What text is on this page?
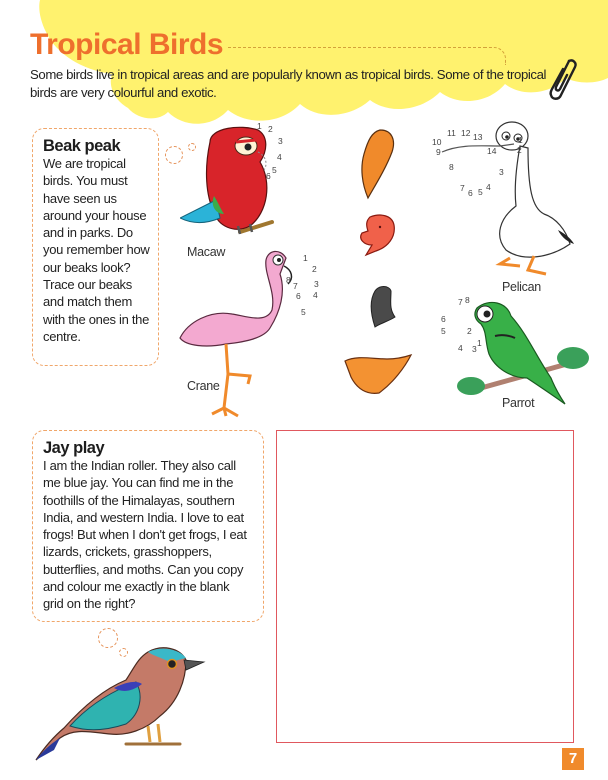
Tropical Birds
Some birds live in tropical areas and are popularly known as tropical birds. Some of the tropical birds are very colourful and exotic.
Beak peak
We are tropical birds. You must have seen us around your house and in parks. Do you remember how our beaks look? Trace our beaks and match them with the ones in the centre.
1 2
3
4
5
6
Macaw	1
2
3
4
5
6
7
8
Crane
1
2
3
4
5
6
7
8
9
10
11 12 13
14
Pelican
1
2
3
4
5
6
7 8
Parrot
Jay play
I am the Indian roller. They also call me blue jay. You can find me in the foothills of the Himalayas, southern India, and western India. I love to eat frogs! But when I don't get frogs, I eat lizards, crickets, grasshoppers, butterflies, and moths. Can you copy and colour me exactly in the blank grid on the right?
7
